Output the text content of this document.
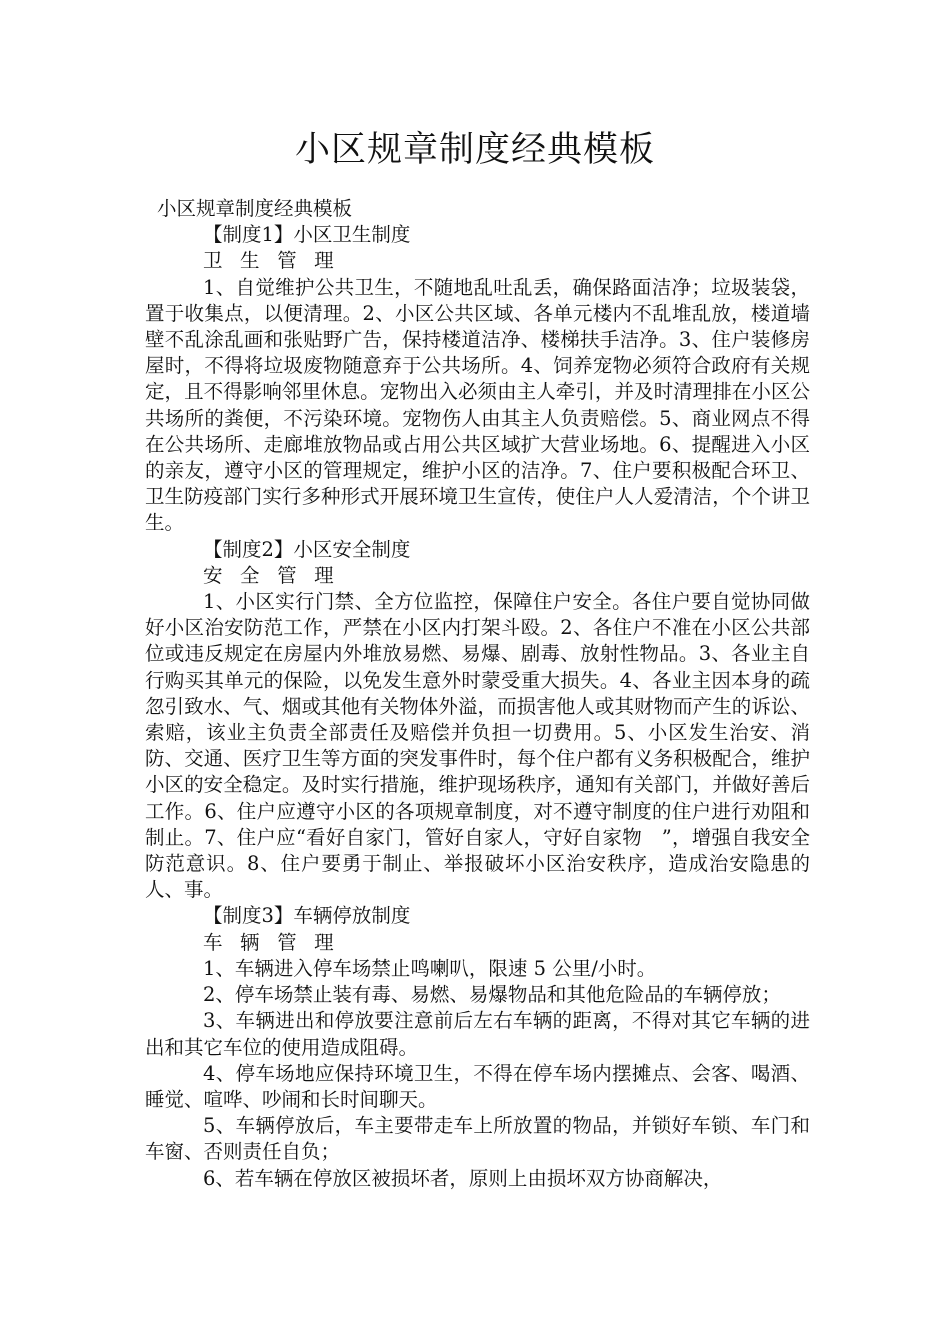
小区规章制度经典模板

小区规章制度经典模板

【制度1】小区卫生制度

卫生管理

1、自觉维护公共卫生，不随地乱吐乱丢，确保路面洁净；垃圾装袋，置于收集点，以便清理。2、小区公共区域、各单元楼内不乱堆乱放，楼道墙壁不乱涂乱画和张贴野广告，保持楼道洁净、楼梯扶手洁净。3、住户装修房屋时，不得将垃圾废物随意弃于公共场所。4、饲养宠物必须符合政府有关规定，且不得影响邻里休息。宠物出入必须由主人牵引，并及时清理排在小区公共场所的粪便，不污染环境。宠物伤人由其主人负责赔偿。5、商业网点不得在公共场所、走廊堆放物品或占用公共区域扩大营业场地。6、提醒进入小区的亲友，遵守小区的管理规定，维护小区的洁净。7、住户要积极配合环卫、卫生防疫部门实行多种形式开展环境卫生宣传，使住户人人爱清洁，个个讲卫生。

【制度2】小区安全制度

安全管理

1、小区实行门禁、全方位监控，保障住户安全。各住户要自觉协同做好小区治安防范工作，严禁在小区内打架斗殴。2、各住户不准在小区公共部位或违反规定在房屋内外堆放易燃、易爆、剧毒、放射性物品。3、各业主自行购买其单元的保险，以免发生意外时蒙受重大损失。4、各业主因本身的疏忽引致水、气、烟或其他有关物体外溢，而损害他人或其财物而产生的诉讼、索赔，该业主负责全部责任及赔偿并负担一切费用。5、小区发生治安、消防、交通、医疗卫生等方面的突发事件时，每个住户都有义务积极配合，维护小区的安全稳定。及时实行措施，维护现场秩序，通知有关部门，并做好善后工作。6、住户应遵守小区的各项规章制度，对不遵守制度的住户进行劝阻和制止。7、住户应“看好自家门，管好自家人，守好自家物　”，增强自我安全防范意识。8、住户要勇于制止、举报破坏小区治安秩序，造成治安隐患的人、事。

【制度3】车辆停放制度

车辆管理

1、车辆进入停车场禁止鸣喇叭，限速 5 公里/小时。

2、停车场禁止装有毒、易燃、易爆物品和其他危险品的车辆停放；

3、车辆进出和停放要注意前后左右车辆的距离，不得对其它车辆的进出和其它车位的使用造成阻碍。

4、停车场地应保持环境卫生，不得在停车场内摆摊点、会客、喝酒、睡觉、喧哗、吵闹和长时间聊天。

5、车辆停放后，车主要带走车上所放置的物品，并锁好车锁、车门和车窗、否则责任自负；

6、若车辆在停放区被损坏者，原则上由损坏双方协商解决，
